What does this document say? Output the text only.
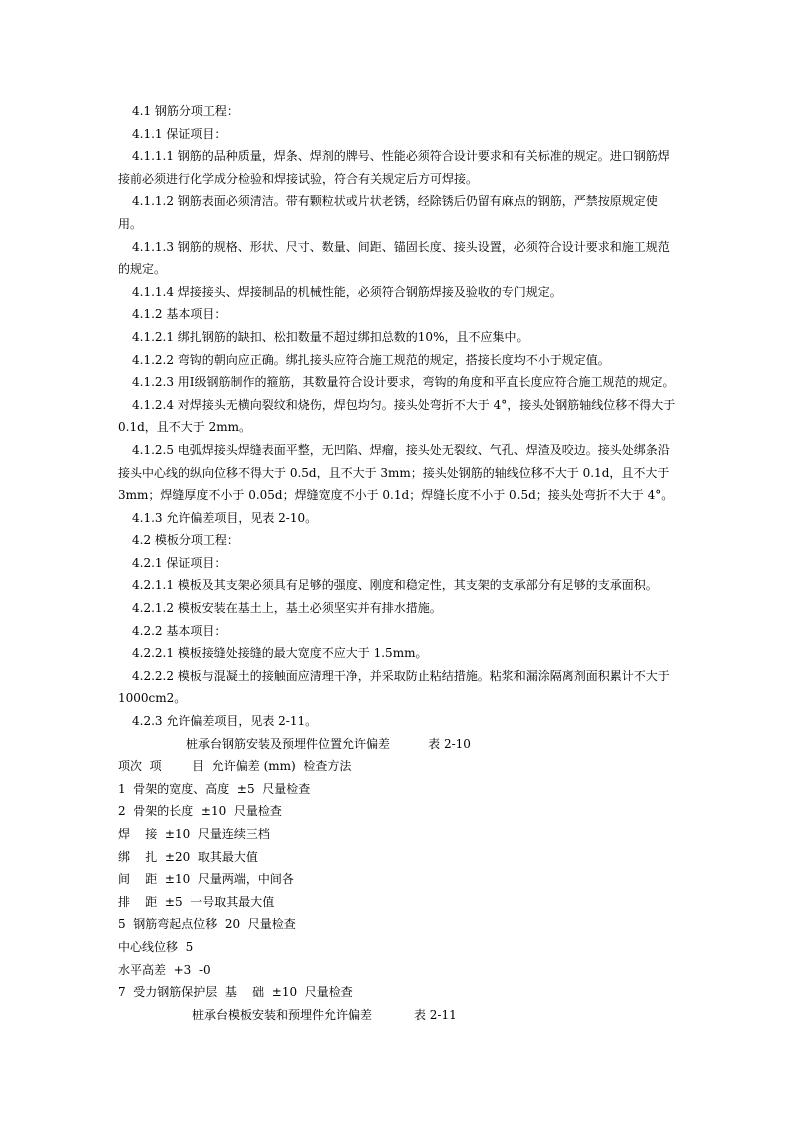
4.1 钢筋分项工程：

4.1.1 保证项目：

4.1.1.1 钢筋的品种质量，焊条、焊剂的牌号、性能必须符合设计要求和有关标准的规定。进口钢筋焊接前必须进行化学成分检验和焊接试验，符合有关规定后方可焊接。

4.1.1.2 钢筋表面必须清洁。带有颗粒状或片状老锈，经除锈后仍留有麻点的钢筋，严禁按原规定使用。

4.1.1.3 钢筋的规格、形状、尺寸、数量、间距、锚固长度、接头设置，必须符合设计要求和施工规范的规定。

4.1.1.4 焊接接头、焊接制品的机械性能，必须符合钢筋焊接及验收的专门规定。

4.1.2 基本项目：

4.1.2.1 绑扎钢筋的缺扣、松扣数量不超过绑扣总数的10%，且不应集中。

4.1.2.2 弯钩的朝向应正确。绑扎接头应符合施工规范的规定，搭接长度均不小于规定值。

4.1.2.3 用Ⅰ级钢筋制作的箍筋，其数量符合设计要求，弯钩的角度和平直长度应符合施工规范的规定。

4.1.2.4 对焊接头无横向裂纹和烧伤，焊包均匀。接头处弯折不大于 4°，接头处钢筋轴线位移不得大于0.1d，且不大于 2mm。

4.1.2.5 电弧焊接头焊缝表面平整，无凹陷、焊瘤，接头处无裂纹、气孔、焊渣及咬边。接头处绑条沿接头中心线的纵向位移不得大于 0.5d，且不大于 3mm；接头处钢筋的轴线位移不大于 0.1d，且不大于 3mm；焊缝厚度不小于 0.05d；焊缝宽度不小于 0.1d；焊缝长度不小于 0.5d；接头处弯折不大于 4°。

4.1.3 允许偏差项目，见表 2-10。

4.2 模板分项工程：

4.2.1 保证项目：

4.2.1.1 模板及其支架必须具有足够的强度、刚度和稳定性，其支架的支承部分有足够的支承面积。

4.2.1.2 模板安装在基土上，基土必须坚实并有排水措施。

4.2.2 基本项目：

4.2.2.1 模板接缝处接缝的最大宽度不应大于 1.5mm。

4.2.2.2 模板与混凝土的接触面应清理干净，并采取防止粘结措施。粘浆和漏涂隔离剂面积累计不大于1000cm2。

4.2.3 允许偏差项目，见表 2-11。

桩承台钢筋安装及预埋件位置允许偏差          表 2-10

项次  项        目  允许偏差 (mm)  检查方法

1  骨架的宽度、高度  ±5  尺量检查

2  骨架的长度  ±10  尺量检查

焊    接  ±10  尺量连续三档

绑    扎  ±20  取其最大值

间    距  ±10  尺量两端，中间各

排    距  ±5  一号取其最大值

5  钢筋弯起点位移  20  尺量检查

中心线位移  5

水平高差  +3  -0

7  受力钢筋保护层  基    础  ±10  尺量检查

桩承台模板安装和预埋件允许偏差           表 2-11
